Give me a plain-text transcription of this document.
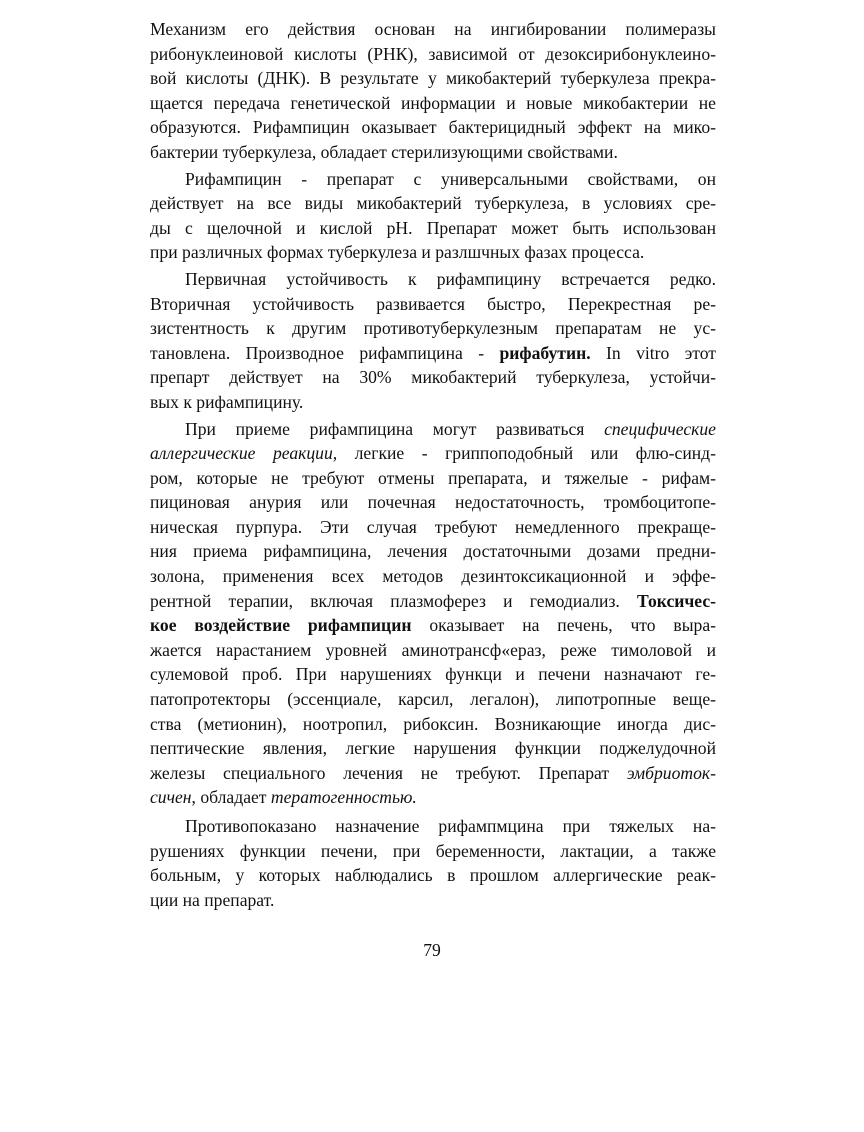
Механизм его действия основан на ингибировании полимеразы
рибонуклеиновой кислоты (РНК), зависимой от дезоксирибонуклеино-
вой кислоты (ДНК). В результате у микобактерий туберкулеза прекра-
щается передача генетической информации и новые микобактерии не
образуются. Рифампицин оказывает бактерицидный эффект на мико-
бактерии туберкулеза, обладает стерилизующими свойствами.
Рифампицин - препарат с универсальными свойствами, он
действует на все виды микобактерий туберкулеза, в условиях сре-
ды с щелочной и кислой pH. Препарат может быть использован
при различных формах туберкулеза и разлшчных фазах процесса.
Первичная устойчивость к рифампицину встречается редко.
Вторичная устойчивость развивается быстро, Перекрестная ре-
зистентность к другим противотуберкулезным препаратам не ус-
тановлена. Производное рифампицина - рифабутин. In vitro этот
препарт действует на 30% микобактерий туберкулеза, устойчи-
вых к рифампицину.
При приеме рифампицина могут развиваться специфические
аллергические реакции, легкие - гриппоподобный или флю-синд-
ром, которые не требуют отмены препарата, и тяжелые - рифам-
пициновая анурия или почечная недостаточность, тромбоцитопе-
ническая пурпура. Эти случая требуют немедленного прекраще-
ния приема рифампицина, лечения достаточными дозами предни-
золона, применения всех методов дезинтоксикационной и эффе-
рентной терапии, включая плазмоферез и гемодиализ. Токсичес-
кое воздействие рифампицин оказывает на печень, что выра-
жается нарастанием уровней аминотрансф«ераз, реже тимоловой и
сулемовой проб. При нарушениях функци и печени назначают ге-
патопротекторы (эссенциале, карсил, легалон), липотропные веще-
ства (метионин), ноотропил, рибоксин. Возникающие иногда дис-
пептические явления, легкие нарушения функции поджелудочной
железы специального лечения не требуют. Препарат эмбриоток-
сичен, обладает тератогенностью.
Противопоказано назначение рифампмцина при тяжелых на-
рушениях функции печени, при беременности, лактации, а также
больным, у которых наблюдались в прошлом аллергические реак-
ции на препарат.
79
